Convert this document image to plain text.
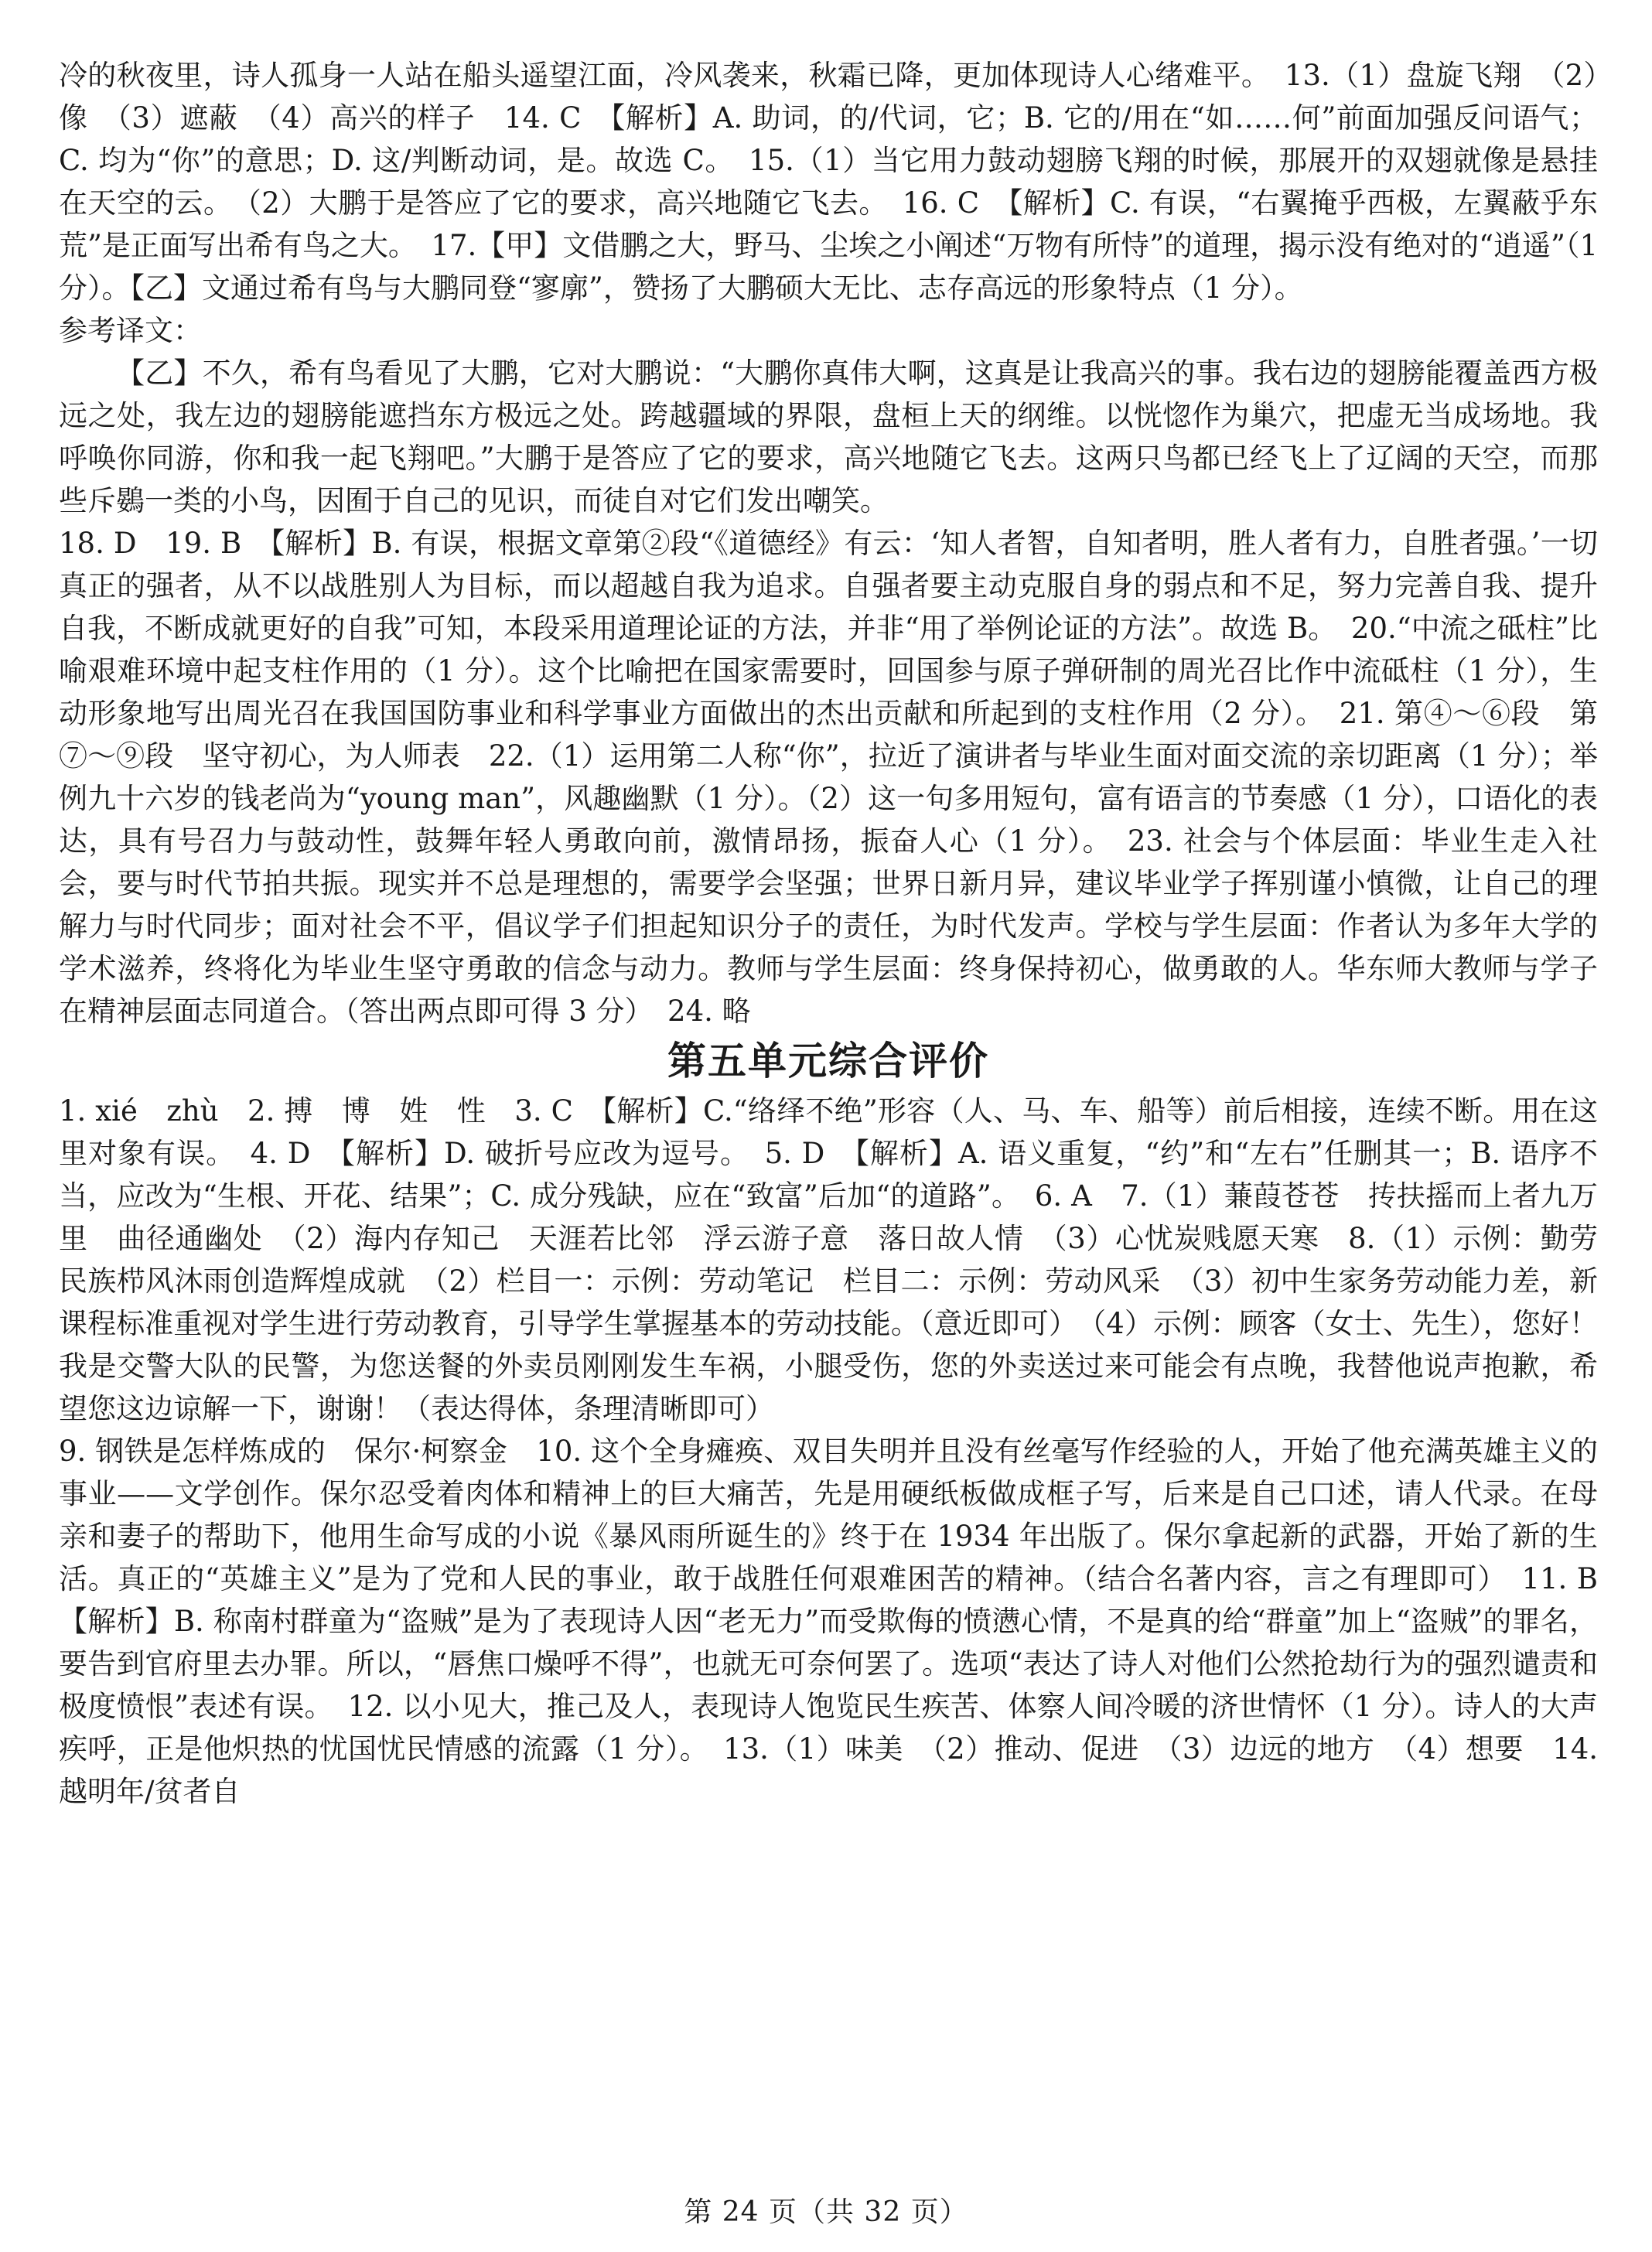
冷的秋夜里，诗人孤身一人站在船头遥望江面，冷风袭来，秋霜已降，更加体现诗人心绪难平。　13.（1）盘旋飞翔　（2）像　（3）遮蔽　（4）高兴的样子　14. C　【解析】A. 助词，的/代词，它；B. 它的/用在“如……何”前面加强反问语气；C. 均为“你”的意思；D. 这/判断动词，是。故选 C。　15.（1）当它用力鼓动翅膀飞翔的时候，那展开的双翅就像是悬挂在天空的云。　（2）大鹏于是答应了它的要求，高兴地随它飞去。　16. C　【解析】C. 有误，“右翼掩乎西极，左翼蔽乎东荒”是正面写出希有鸟之大。　17.【甲】文借鹏之大，野马、尘埃之小阐述“万物有所恃”的道理，揭示没有绝对的“逍遥”（1 分）。【乙】文通过希有鸟与大鹏同登“寥廓”，赞扬了大鹏硕大无比、志存高远的形象特点（1 分）。

参考译文：

【乙】不久，希有鸟看见了大鹏，它对大鹏说：“大鹏你真伟大啊，这真是让我高兴的事。我右边的翅膀能覆盖西方极远之处，我左边的翅膀能遮挡东方极远之处。跨越疆域的界限，盘桓上天的纲维。以恍惚作为巢穴，把虚无当成场地。我呼唤你同游，你和我一起飞翔吧。”大鹏于是答应了它的要求，高兴地随它飞去。这两只鸟都已经飞上了辽阔的天空，而那些斥鷃一类的小鸟，因囿于自己的见识，而徒自对它们发出嘲笑。

18. D　19. B　【解析】B. 有误，根据文章第②段“《道德经》有云：‘知人者智，自知者明，胜人者有力，自胜者强。’一切真正的强者，从不以战胜别人为目标，而以超越自我为追求。自强者要主动克服自身的弱点和不足，努力完善自我、提升自我，不断成就更好的自我”可知，本段采用道理论证的方法，并非“用了举例论证的方法”。故选 B。　20.“中流之砥柱”比喻艰难环境中起支柱作用的（1 分）。这个比喻把在国家需要时，回国参与原子弹研制的周光召比作中流砥柱（1 分），生动形象地写出周光召在我国国防事业和科学事业方面做出的杰出贡献和所起到的支柱作用（2 分）。　21. 第④～⑥段　第⑦～⑨段　坚守初心，为人师表　22.（1）运用第二人称“你”，拉近了演讲者与毕业生面对面交流的亲切距离（1 分）；举例九十六岁的钱老尚为“young man”，风趣幽默（1 分）。（2）这一句多用短句，富有语言的节奏感（1 分），口语化的表达，具有号召力与鼓动性，鼓舞年轻人勇敢向前，激情昂扬，振奋人心（1 分）。　23. 社会与个体层面：毕业生走入社会，要与时代节拍共振。现实并不总是理想的，需要学会坚强；世界日新月异，建议毕业学子挥别谨小慎微，让自己的理解力与时代同步；面对社会不平，倡议学子们担起知识分子的责任，为时代发声。学校与学生层面：作者认为多年大学的学术滋养，终将化为毕业生坚守勇敢的信念与动力。教师与学生层面：终身保持初心，做勇敢的人。华东师大教师与学子在精神层面志同道合。（答出两点即可得 3 分）　24. 略

第五单元综合评价

1. xié　zhù　2. 搏　博　姓　性　3. C　【解析】C.“络绎不绝”形容（人、马、车、船等）前后相接，连续不断。用在这里对象有误。　4. D　【解析】D. 破折号应改为逗号。　5. D　【解析】A. 语义重复，“约”和“左右”任删其一；B. 语序不当，应改为“生根、开花、结果”；C. 成分残缺，应在“致富”后加“的道路”。　6. A　7.（1）蒹葭苍苍　抟扶摇而上者九万里　曲径通幽处　（2）海内存知己　天涯若比邻　浮云游子意　落日故人情　（3）心忧炭贱愿天寒　8.（1）示例：勤劳民族栉风沐雨创造辉煌成就　（2）栏目一：示例：劳动笔记　栏目二：示例：劳动风采　（3）初中生家务劳动能力差，新课程标准重视对学生进行劳动教育，引导学生掌握基本的劳动技能。（意近即可）　（4）示例：顾客（女士、先生），您好！我是交警大队的民警，为您送餐的外卖员刚刚发生车祸，小腿受伤，您的外卖送过来可能会有点晚，我替他说声抱歉，希望您这边谅解一下，谢谢！（表达得体，条理清晰即可）

9. 钢铁是怎样炼成的　保尔·柯察金　10. 这个全身瘫痪、双目失明并且没有丝毫写作经验的人，开始了他充满英雄主义的事业——文学创作。保尔忍受着肉体和精神上的巨大痛苦，先是用硬纸板做成框子写，后来是自己口述，请人代录。在母亲和妻子的帮助下，他用生命写成的小说《暴风雨所诞生的》终于在 1934 年出版了。保尔拿起新的武器，开始了新的生活。真正的“英雄主义”是为了党和人民的事业，敢于战胜任何艰难困苦的精神。（结合名著内容，言之有理即可）　11. B　【解析】B. 称南村群童为“盗贼”是为了表现诗人因“老无力”而受欺侮的愤懑心情，不是真的给“群童”加上“盗贼”的罪名，要告到官府里去办罪。所以，“唇焦口燥呼不得”，也就无可奈何罢了。选项“表达了诗人对他们公然抢劫行为的强烈谴责和极度愤恨”表述有误。　12. 以小见大，推己及人，表现诗人饱览民生疾苦、体察人间冷暖的济世情怀（1 分）。诗人的大声疾呼，正是他炽热的忧国忧民情感的流露（1 分）。　13.（1）味美　（2）推动、促进　（3）边远的地方　（4）想要　14. 越明年/贫者自

第 24 页（共 32 页）
